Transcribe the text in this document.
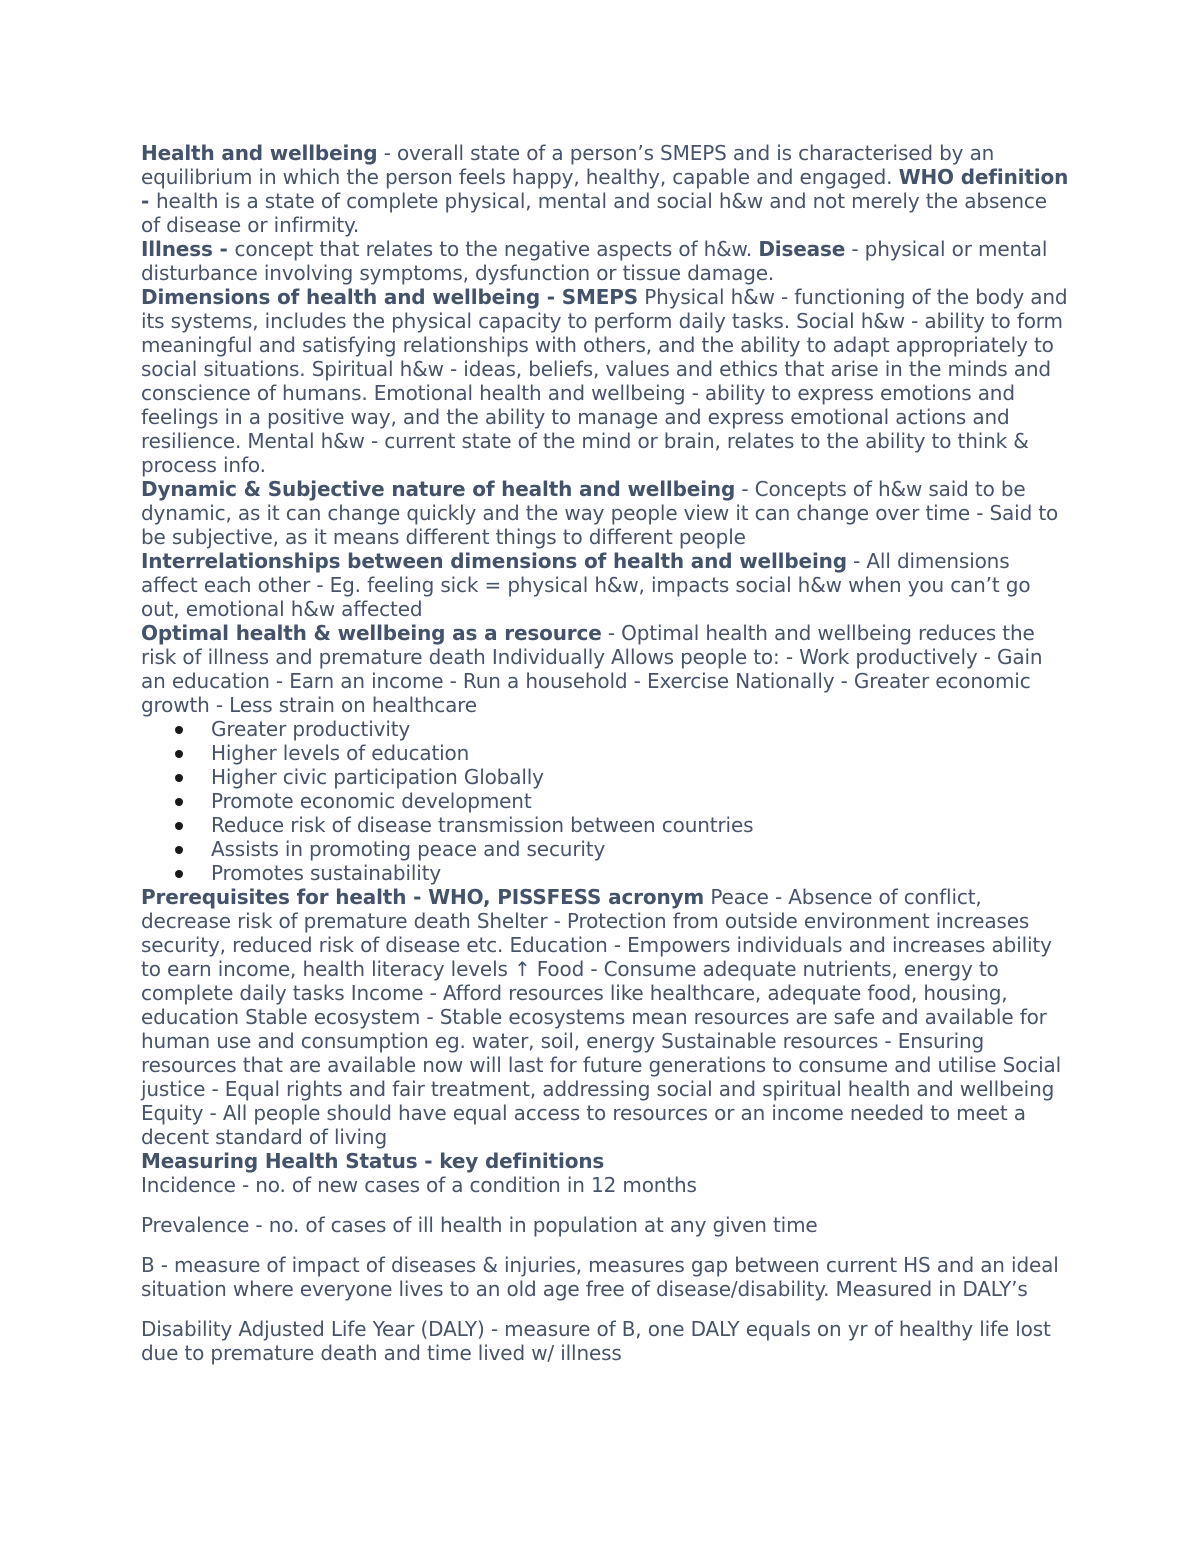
Health and wellbeing - overall state of a person’s SMEPS and is characterised by an equilibrium in which the person feels happy, healthy, capable and engaged. WHO definition - health is a state of complete physical, mental and social h&w and not merely the absence of disease or infirmity.

Illness - concept that relates to the negative aspects of h&w. Disease - physical or mental disturbance involving symptoms, dysfunction or tissue damage.

Dimensions of health and wellbeing - SMEPS Physical h&w - functioning of the body and its systems, includes the physical capacity to perform daily tasks. Social h&w - ability to form meaningful and satisfying relationships with others, and the ability to adapt appropriately to social situations. Spiritual h&w - ideas, beliefs, values and ethics that arise in the minds and conscience of humans. Emotional health and wellbeing - ability to express emotions and feelings in a positive way, and the ability to manage and express emotional actions and resilience. Mental h&w - current state of the mind or brain, relates to the ability to think & process info.

Dynamic & Subjective nature of health and wellbeing - Concepts of h&w said to be dynamic, as it can change quickly and the way people view it can change over time - Said to be subjective, as it means different things to different people

Interrelationships between dimensions of health and wellbeing - All dimensions affect each other - Eg. feeling sick = physical h&w, impacts social h&w when you can’t go out, emotional h&w affected

Optimal health & wellbeing as a resource - Optimal health and wellbeing reduces the risk of illness and premature death Individually Allows people to: - Work productively - Gain an education - Earn an income - Run a household - Exercise Nationally - Greater economic growth - Less strain on healthcare

Greater productivity
Higher levels of education
Higher civic participation Globally
Promote economic development
Reduce risk of disease transmission between countries
Assists in promoting peace and security
Promotes sustainability

Prerequisites for health - WHO, PISSFESS acronym Peace - Absence of conflict, decrease risk of premature death Shelter - Protection from outside environment increases security, reduced risk of disease etc. Education - Empowers individuals and increases ability to earn income, health literacy levels ↑ Food - Consume adequate nutrients, energy to complete daily tasks Income - Afford resources like healthcare, adequate food, housing, education Stable ecosystem - Stable ecosystems mean resources are safe and available for human use and consumption eg. water, soil, energy Sustainable resources - Ensuring resources that are available now will last for future generations to consume and utilise Social justice - Equal rights and fair treatment, addressing social and spiritual health and wellbeing Equity - All people should have equal access to resources or an income needed to meet a decent standard of living

Measuring Health Status - key definitions

Incidence - no. of new cases of a condition in 12 months

Prevalence - no. of cases of ill health in population at any given time

B - measure of impact of diseases & injuries, measures gap between current HS and an ideal situation where everyone lives to an old age free of disease/disability. Measured in DALY’s

Disability Adjusted Life Year (DALY) - measure of B, one DALY equals on yr of healthy life lost due to premature death and time lived w/ illness
